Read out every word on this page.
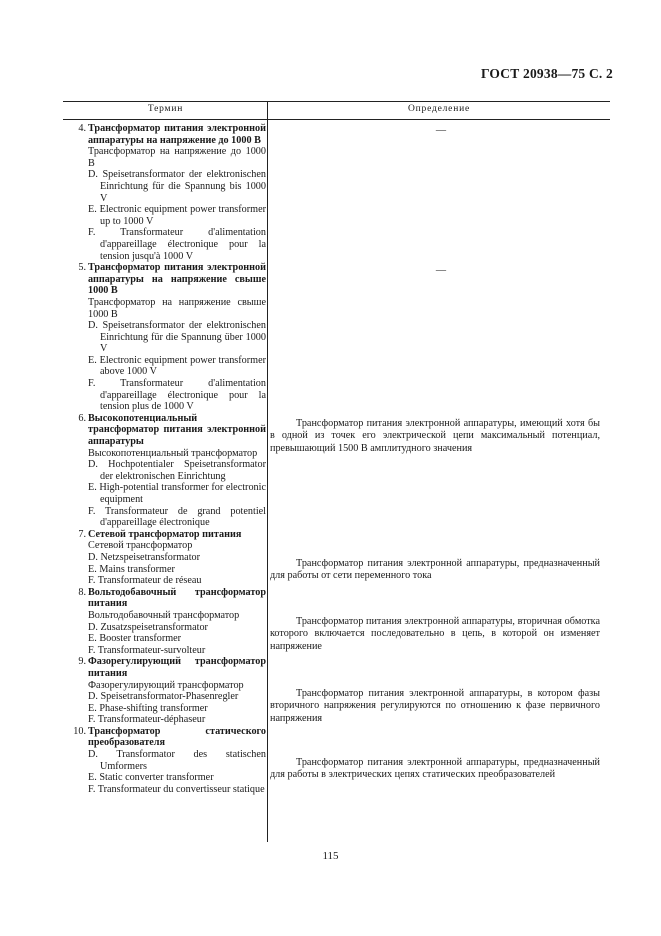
ГОСТ 20938—75 С. 2
Термин	Определение
4. Трансформатор питания электронной аппаратуры на напряжение до 1000 В
Трансформатор на напряжение до 1000 В
D. Speisetransformator der elektronischen Einrichtung für die Spannung bis 1000 V
E. Electronic equipment power transformer up to 1000 V
F. Transformateur d'alimentation d'appareillage électronique pour la tension jusqu'à 1000 V
5. Трансформатор питания электронной аппаратуры на напряжение свыше 1000 В
Трансформатор на напряжение свыше 1000 В
D. Speisetransformator der elektronischen Einrichtung für die Spannung über 1000 V
E. Electronic equipment power transformer above 1000 V
F. Transformateur d'alimentation d'appareillage électronique pour la tension plus de 1000 V
6. Высокопотенциальный трансформатор питания электронной аппаратуры
Высокопотенциальный трансформатор
D. Hochpotentialer Speisetransformator der elektronischen Einrichtung
E. High-potential transformer for electronic equipment
F. Transformateur de grand potentiel d'appareillage électronique
7. Сетевой трансформатор питания
Сетевой трансформатор
D. Netzspeisetransformator
E. Mains transformer
F. Transformateur de réseau
8. Вольтодобавочный трансформатор питания
Вольтодобавочный трансформатор
D. Zusatzspeisetransformator
E. Booster transformer
F. Transformateur-survolteur
9. Фазорегулирующий трансформатор питания
Фазорегулирующий трансформатор
D. Speisetransformator-Phasenregler
E. Phase-shifting transformer
F. Transformateur-déphaseur
10. Трансформатор статического преобразователя
D. Transformator des statischen Umformers
E. Static converter transformer
F. Transformateur du convertisseur statique
—
—
Трансформатор питания электронной аппаратуры, имеющий хотя бы в одной из точек его электрической цепи максимальный потенциал, превышающий 1500 В амплитудного значения
Трансформатор питания электронной аппаратуры, предназначенный для работы от сети переменного тока
Трансформатор питания электронной аппаратуры, вторичная обмотка которого включается последовательно в цепь, в которой он изменяет напряжение
Трансформатор питания электронной аппаратуры, в котором фазы вторичного напряжения регулируются по отношению к фазе первичного напряжения
Трансформатор питания электронной аппаратуры, предназначенный для работы в электрических цепях статических преобразователей
115
